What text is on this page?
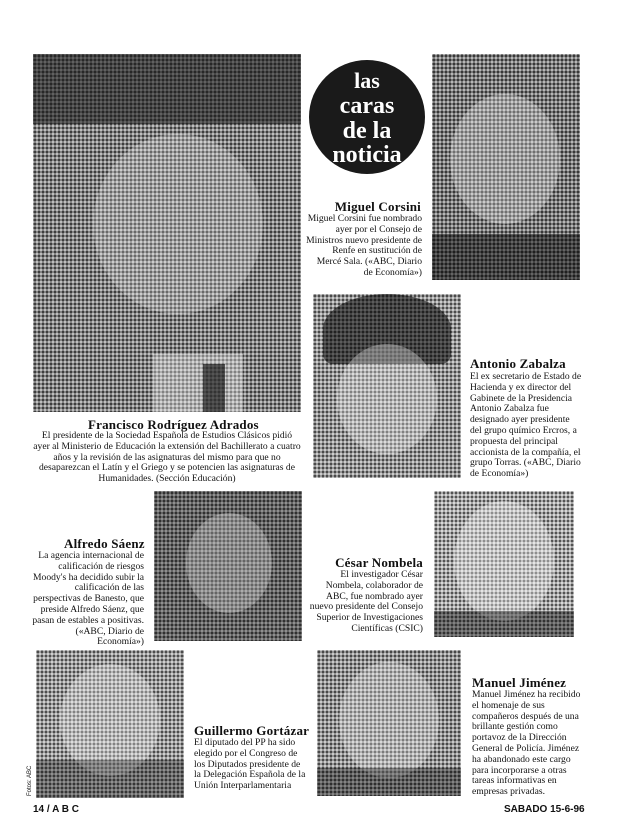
las
caras
de la
noticia
Miguel Corsini
Miguel Corsini fue nombrado ayer por el Consejo de Ministros nuevo presidente de Renfe en sustitución de Mercé Sala. («ABC, Diario de Economía»)
Antonio Zabalza
El ex secretario de Estado de Hacienda y ex director del Gabinete de la Presidencia Antonio Zabalza fue designado ayer presidente del grupo químico Ercros, a propuesta del principal accionista de la compañía, el grupo Torras. («ABC, Diario de Economía»)
Francisco Rodríguez Adrados
El presidente de la Sociedad Española de Estudios Clásicos pidió ayer al Ministerio de Educación la extensión del Bachillerato a cuatro años y la revisión de las asignaturas del mismo para que no desaparezcan el Latín y el Griego y se potencien las asignaturas de Humanidades. (Sección Educación)
Alfredo Sáenz
La agencia internacional de calificación de riesgos Moody's ha decidido subir la calificación de las perspectivas de Banesto, que preside Alfredo Sáenz, que pasan de estables a positivas. («ABC, Diario de Economía»)
César Nombela
El investigador César Nombela, colaborador de ABC, fue nombrado ayer nuevo presidente del Consejo Superior de Investigaciones Científicas (CSIC)
Fotos: ABC
Guillermo Gortázar
El diputado del PP ha sido elegido por el Congreso de los Diputados presidente de la Delegación Española de la Unión Interparlamentaria
Manuel Jiménez
Manuel Jiménez ha recibido el homenaje de sus compañeros después de una brillante gestión como portavoz de la Dirección General de Policía. Jiménez ha abandonado este cargo para incorporarse a otras tareas informativas en empresas privadas.
14 / A B C	SABADO 15-6-96
